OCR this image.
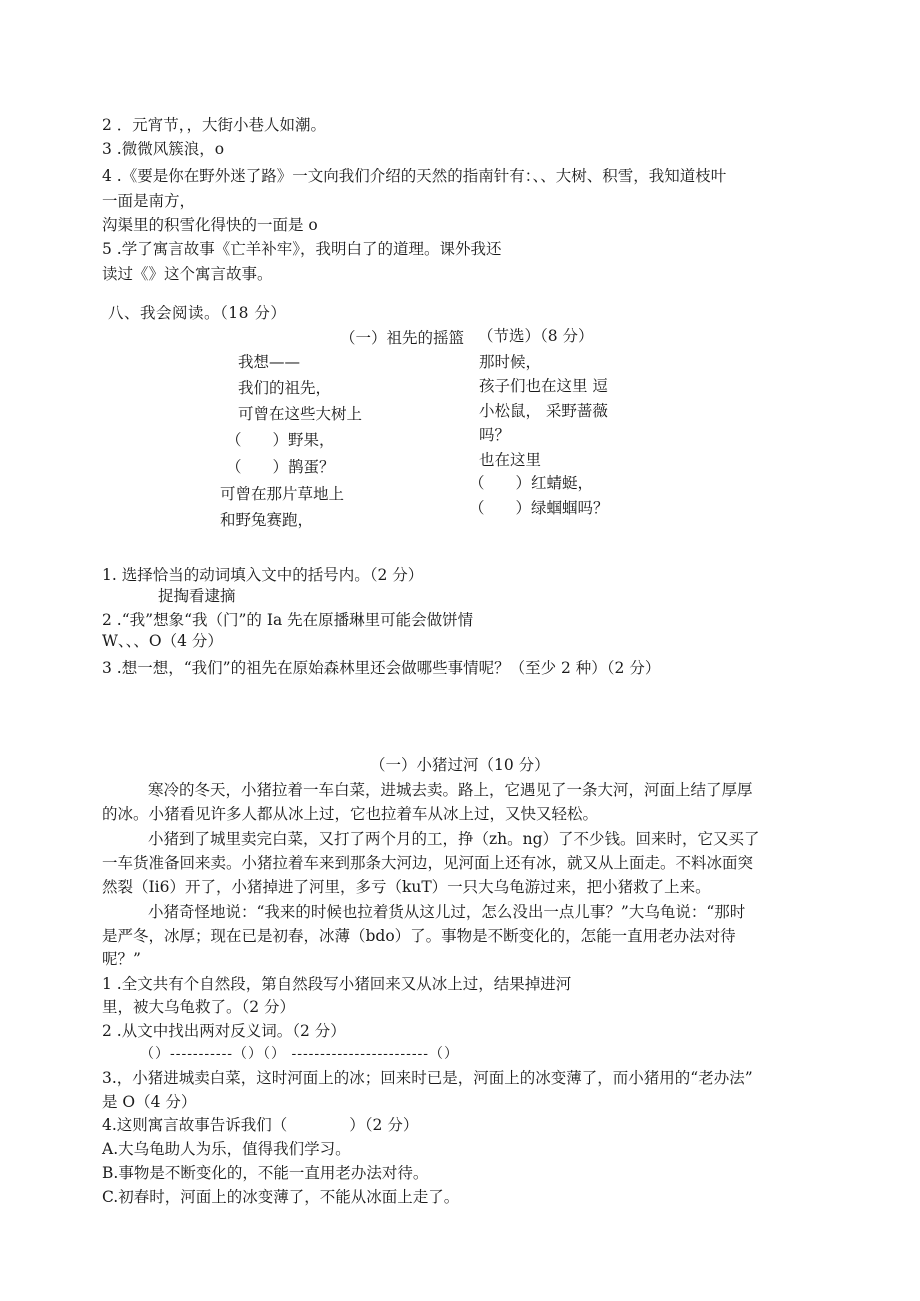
2 ．元宵节，，大街小巷人如潮。
3 .微微风簇浪，o
4 .《要是你在野外迷了路》一文向我们介绍的天然的指南针有：、、大树、积雪，我知道枝叶
一面是南方，
沟渠里的积雪化得快的一面是 o
5 .学了寓言故事《亡羊补牢》，我明白了的道理。课外我还
读过《》这个寓言故事。
八、我会阅读。（18 分）
（一）祖先的摇篮 （节选）（8 分）
我想——
我们的祖先，
可曾在这些大树上
（　　）野果，
（　　）鹊蛋？
可曾在那片草地上
和野兔赛跑，
那时候，
孩子们也在这里 逗
小松鼠， 采野蔷薇
吗？
也在这里
（　　）红蜻蜓，
（　　）绿蝈蝈吗？
1. 选择恰当的动词填入文中的括号内。（2 分）
捉掏看逮摘
2 .“我”想象“我（门”的 Ia 先在原播琳里可能会做饼情
W、、、O（4 分）
3 .想一想，“我们”的祖先在原始森林里还会做哪些事情呢？（至少 2 种）（2 分）
（一）小猪过河（10 分）
寒冷的冬天，小猪拉着一车白菜，进城去卖。路上，它遇见了一条大河，河面上结了厚厚
的冰。小猪看见许多人都从冰上过，它也拉着车从冰上过，又快又轻松。
小猪到了城里卖完白菜，又打了两个月的工，挣（zh。ng）了不少钱。回来时，它又买了
一车货准备回来卖。小猪拉着车来到那条大河边，见河面上还有冰，就又从上面走。不料冰面突
然裂（Ii6）开了，小猪掉进了河里，多亏（kuT）一只大乌龟游过来，把小猪救了上来。
小猪奇怪地说：“我来的时候也拉着货从这儿过，怎么没出一点儿事？”大乌龟说：“那时
是严冬，冰厚；现在已是初春，冰薄（bdo）了。事物是不断变化的，怎能一直用老办法对待
呢？”
1 .全文共有个自然段，第自然段写小猪回来又从冰上过，结果掉进河
里，被大乌龟救了。（2 分）
2 .从文中找出两对反义词。（2 分）
（）-----------（）（） ------------------------（）
3.，小猪进城卖白菜，这时河面上的冰；回来时已是，河面上的冰变薄了，而小猪用的“老办法”
是 O（4 分）
4.这则寓言故事告诉我们（　　　　）（2 分）
A.大乌龟助人为乐，值得我们学习。
B.事物是不断变化的，不能一直用老办法对待。
C.初春时，河面上的冰变薄了，不能从冰面上走了。
